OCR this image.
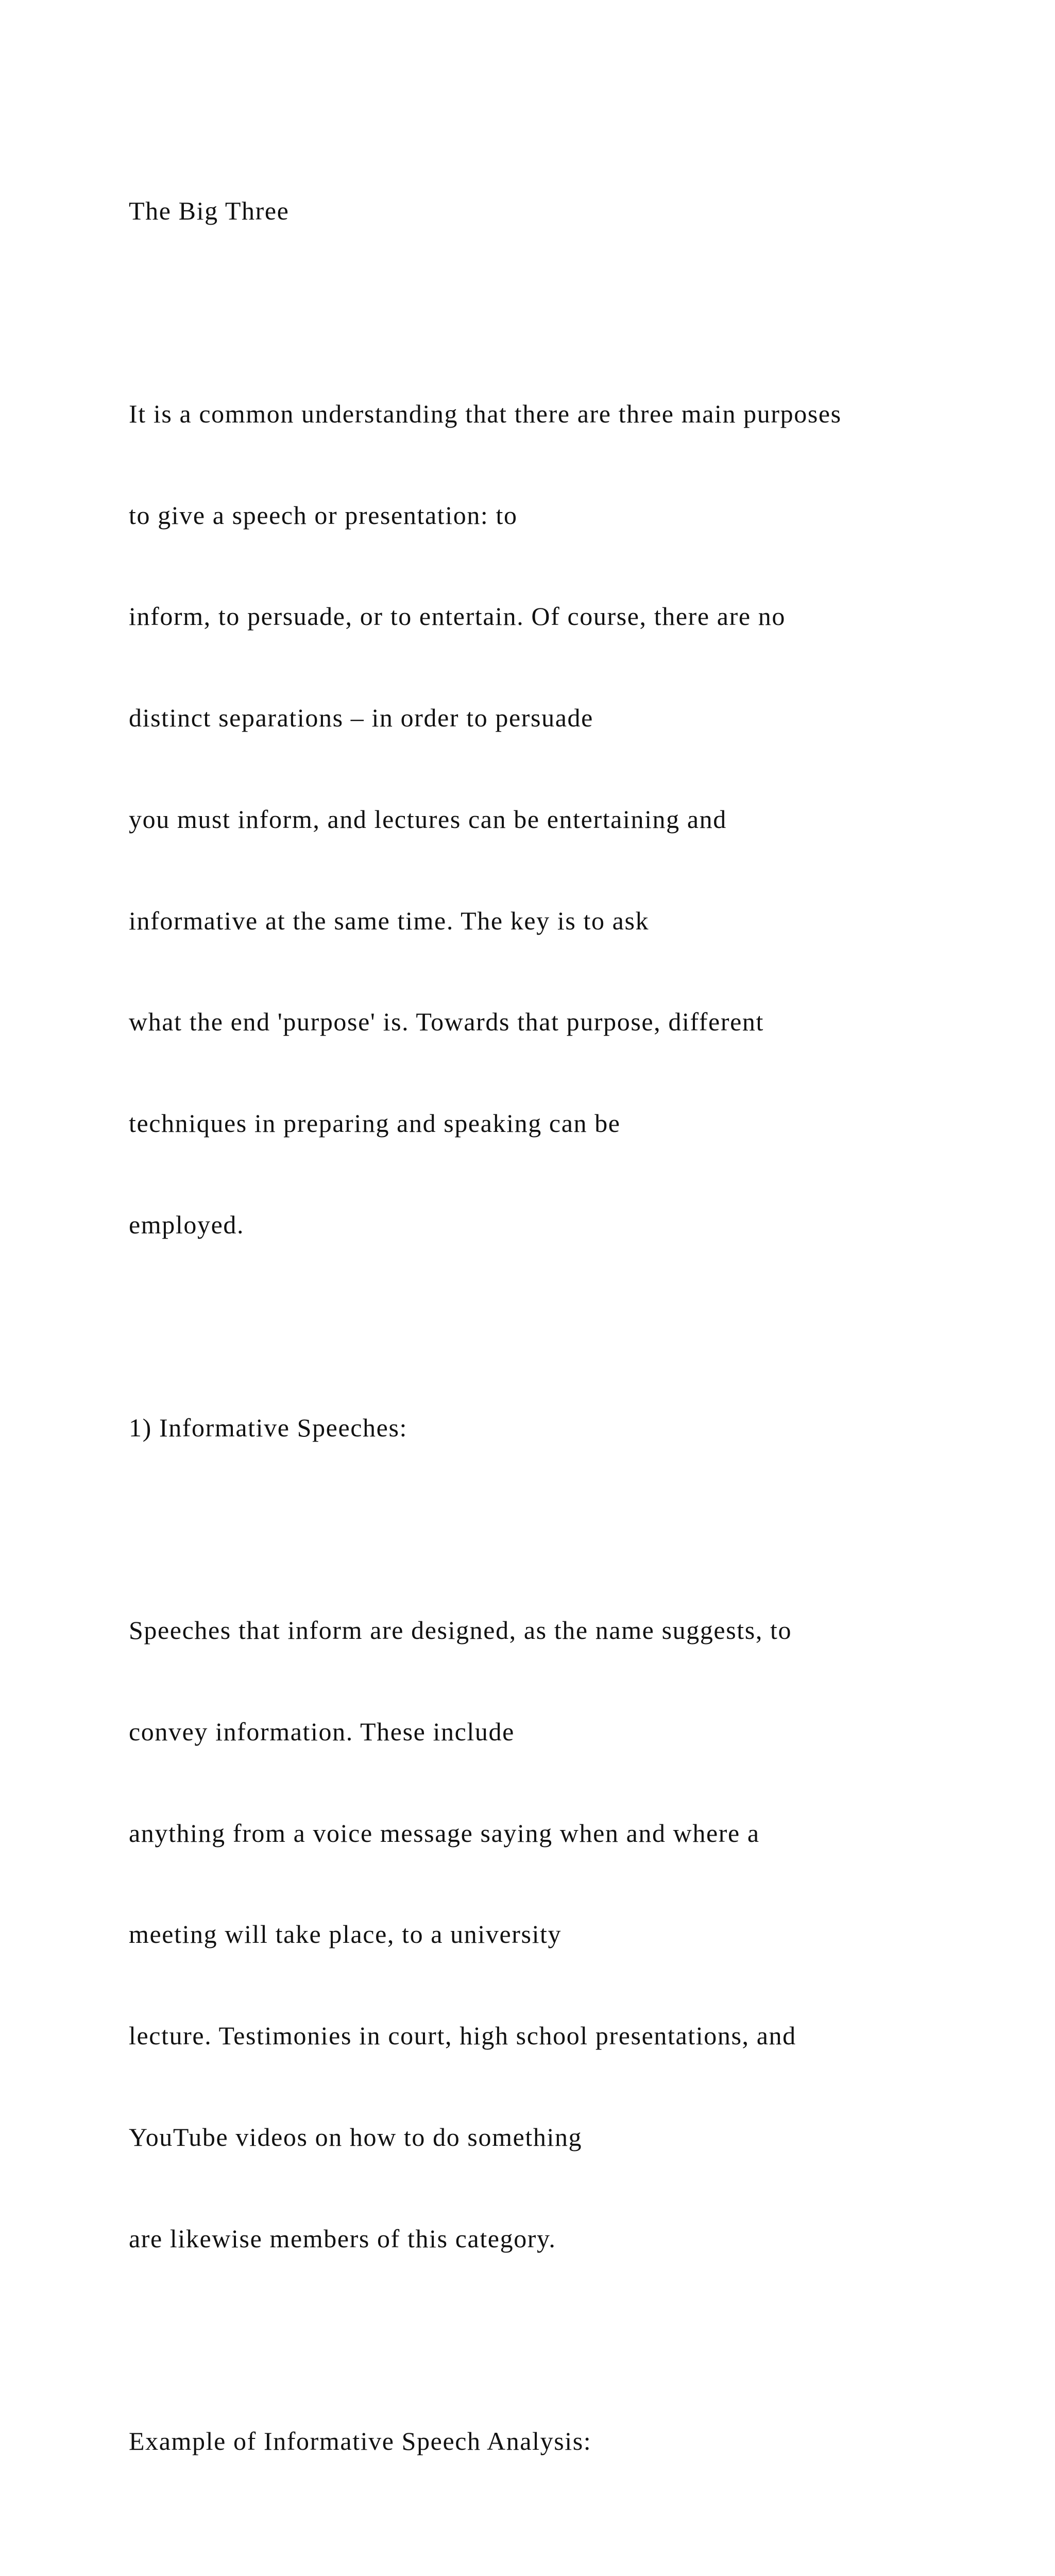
The Big Three

It is a common understanding that there are three main purposes

to give a speech or presentation: to

inform, to persuade, or to entertain. Of course, there are no

distinct separations – in order to persuade

you must inform, and lectures can be entertaining and

informative at the same time. The key is to ask

what the end 'purpose' is. Towards that purpose, different

techniques in preparing and speaking can be

employed.

1) Informative Speeches:

Speeches that inform are designed, as the name suggests, to

convey information. These include

anything from a voice message saying when and where a

meeting will take place, to a university

lecture. Testimonies in court, high school presentations, and

YouTube videos on how to do something

are likewise members of this category.

Example of Informative Speech Analysis:
